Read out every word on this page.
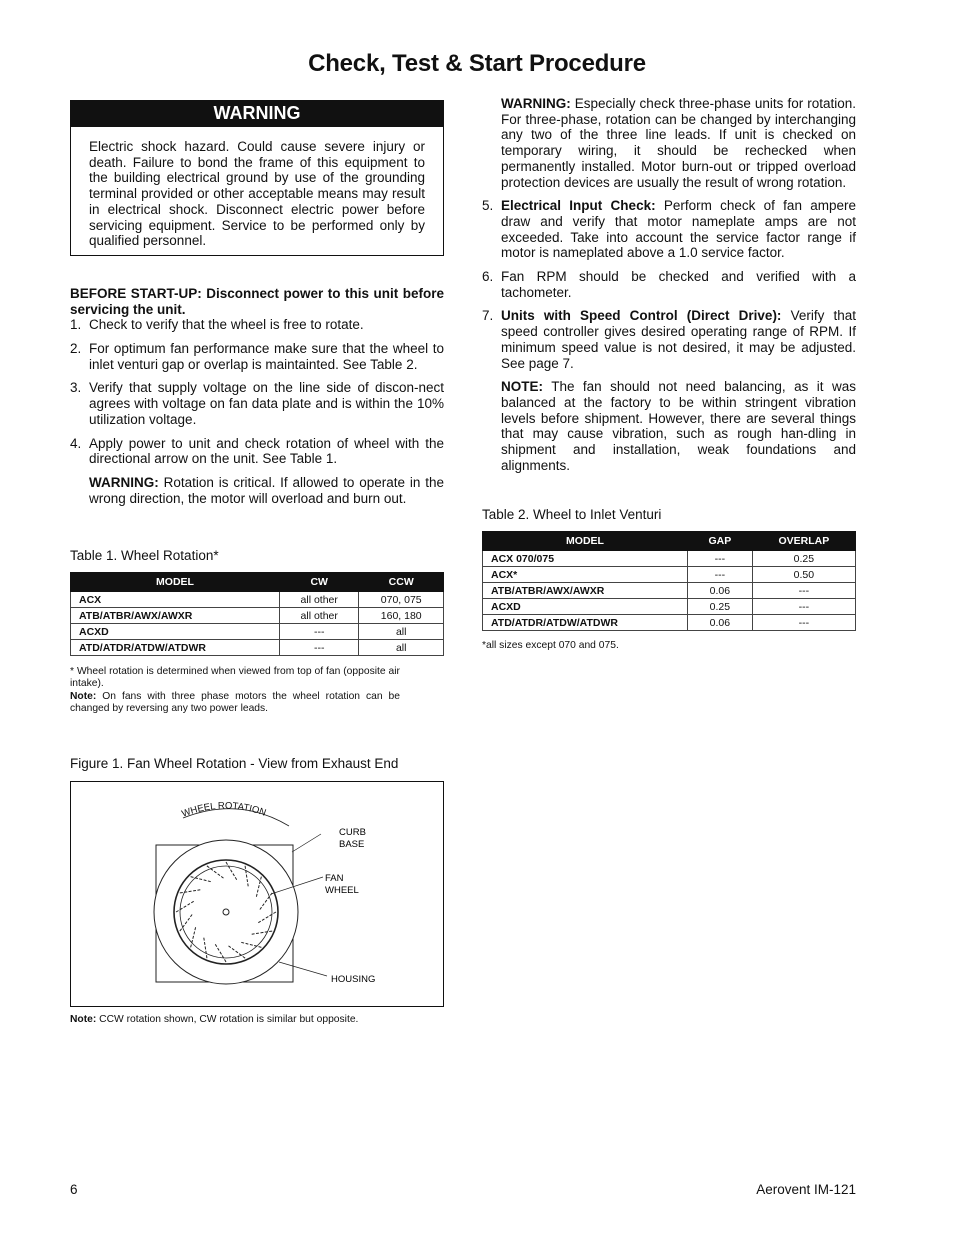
Check, Test & Start Procedure
WARNING
Electric shock hazard. Could cause severe injury or death. Failure to bond the frame of this equipment to the building electrical ground by use of the grounding terminal provided or other acceptable means may result in electrical shock. Disconnect electric power before servicing equipment. Service to be performed only by qualified personnel.

BEFORE START-UP: Disconnect power to this unit before servicing the unit.

1. Check to verify that the wheel is free to rotate.
2. For optimum fan performance make sure that the wheel to inlet venturi gap or overlap is maintainted. See Table 2.
3. Verify that supply voltage on the line side of discon-nect agrees with voltage on fan data plate and is within the 10% utilization voltage.
4. Apply power to unit and check rotation of wheel with the directional arrow on the unit. See Table 1.

WARNING: Rotation is critical. If allowed to operate in the wrong direction, the motor will overload and burn out.

Table 1. Wheel Rotation*

MODEL	CW	CCW
ACX	all other	070, 075
ATB/ATBR/AWX/AWXR	all other	160, 180
ACXD	---	all
ATD/ATDR/ATDW/ATDWR	---	all

* Wheel rotation is determined when viewed from top of fan (opposite air intake).

Note: On fans with three phase motors the wheel rotation can be changed by reversing any two power leads.

Figure 1. Fan Wheel Rotation - View from Exhaust End

WHEEL ROTATION
CURB
BASE
FAN
WHEEL
HOUSING

Note: CCW rotation shown, CW rotation is similar but opposite.

WARNING: Especially check three-phase units for rotation. For three-phase, rotation can be changed by interchanging any two of the three line leads. If unit is checked on temporary wiring, it should be rechecked when permanently installed. Motor burn-out or tripped overload protection devices are usually the result of wrong rotation.

5. Electrical Input Check: Perform check of fan ampere draw and verify that motor nameplate amps are not exceeded. Take into account the service factor range if motor is nameplated above a 1.0 service factor.
6. Fan RPM should be checked and verified with a tachometer.
7. Units with Speed Control (Direct Drive): Verify that speed controller gives desired operating range of RPM. If minimum speed value is not desired, it may be adjusted. See page 7.

NOTE: The fan should not need balancing, as it was balanced at the factory to be within stringent vibration levels before shipment. However, there are several things that may cause vibration, such as rough han-dling in shipment and installation, weak foundations and alignments.

Table 2. Wheel to Inlet Venturi

MODEL	GAP	OVERLAP
ACX 070/075	---	0.25
ACX*	---	0.50
ATB/ATBR/AWX/AWXR	0.06	---
ACXD	0.25	---
ATD/ATDR/ATDW/ATDWR	0.06	---

*all sizes except 070 and 075.

6	Aerovent IM-121
